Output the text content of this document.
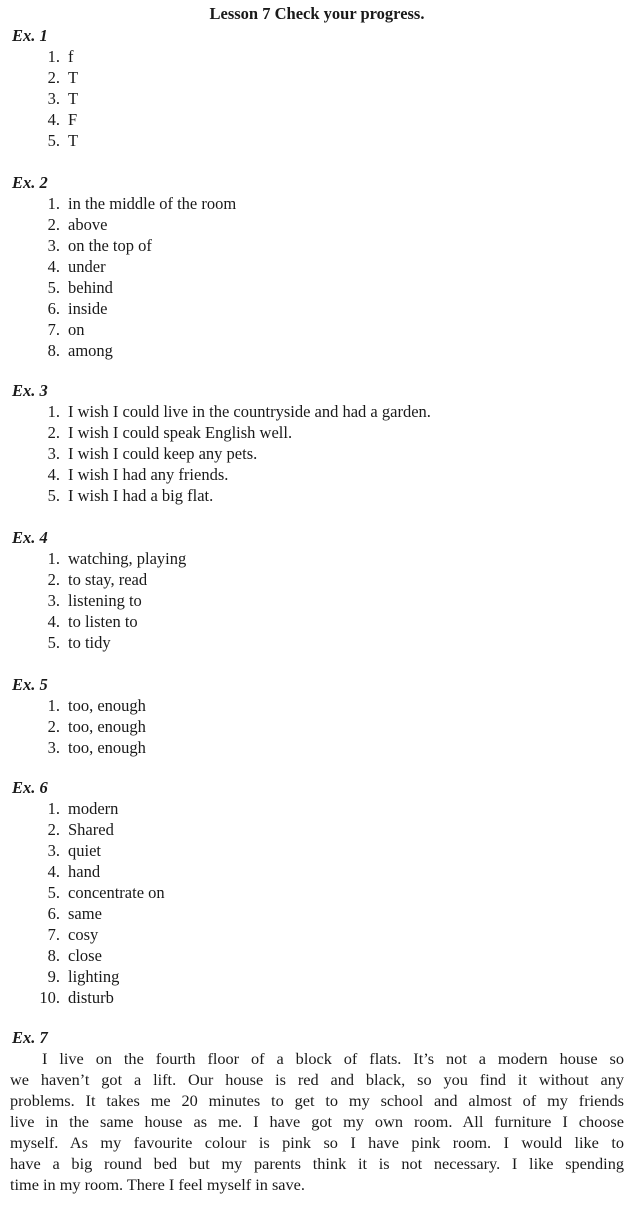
Lesson 7 Check your progress.
Ex. 1
1. f
2. T
3. T
4. F
5. T
Ex. 2
1. in the middle of the room
2. above
3. on the top of
4. under
5. behind
6. inside
7. on
8. among
Ex. 3
1. I wish I could live in the countryside and had a garden.
2. I wish I could speak English well.
3. I wish I could keep any pets.
4. I wish I had any friends.
5. I wish I had a big flat.
Ex. 4
1. watching, playing
2. to stay, read
3. listening to
4. to listen to
5. to tidy
Ex. 5
1. too, enough
2. too, enough
3. too, enough
Ex. 6
1. modern
2. Shared
3. quiet
4. hand
5. concentrate on
6. same
7. cosy
8. close
9. lighting
10. disturb
Ex. 7
I live on the fourth floor of a block of flats. It’s not a modern house so
we haven’t got a lift. Our house is red and black, so you find it without any
problems. It takes me 20 minutes to get to my school and almost of my friends
live in the same house as me. I have got my own room. All furniture I choose
myself. As my favourite colour is pink so I have pink room. I would like to
have a big round bed but my parents think it is not necessary. I like spending
time in my room. There I feel myself in save.
